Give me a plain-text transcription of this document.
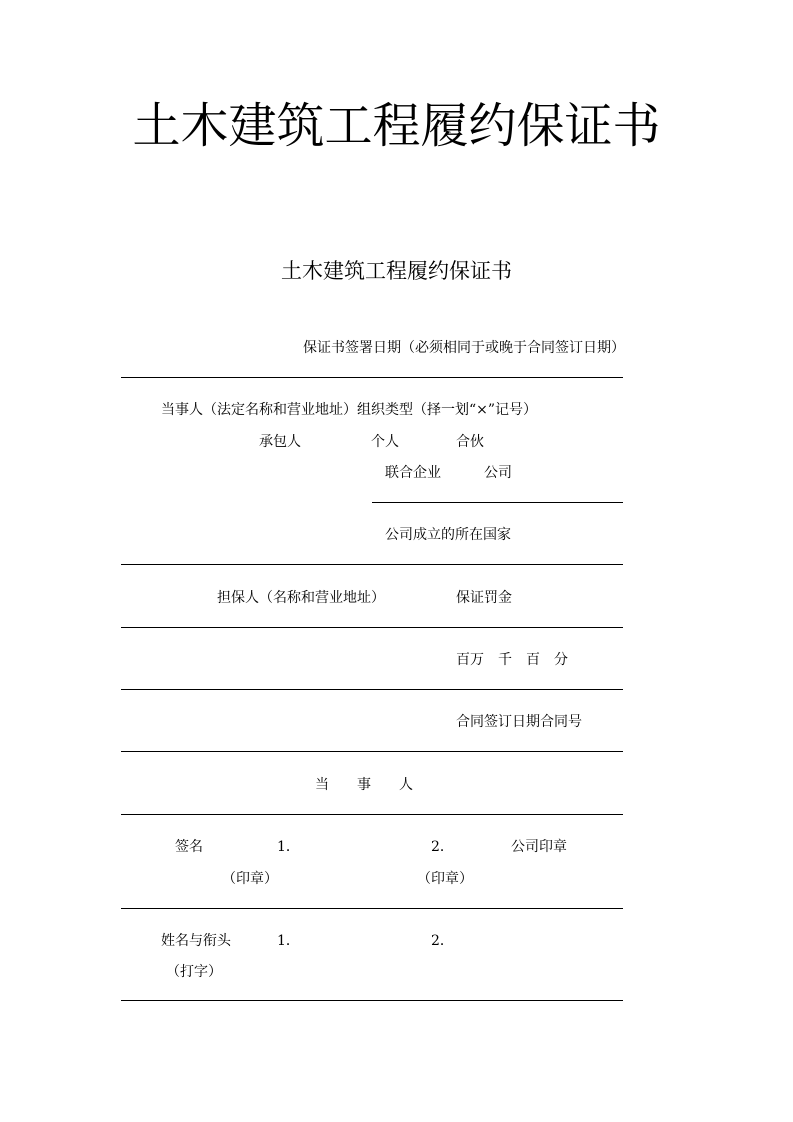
土木建筑工程履约保证书
土木建筑工程履约保证书
保证书签署日期（必须相同于或晚于合同签订日期）
当事人（法定名称和营业地址）组织类型（择一划“×”记号）
承包人	个人	合伙
联合企业	公司
公司成立的所在国家
担保人（名称和营业地址）	保证罚金
百万　千　百　分
合同签订日期合同号
当　　事　　人
签名	1．	2．	公司印章
（印章）	（印章）
姓名与衔头	1．	2．
（打字）
